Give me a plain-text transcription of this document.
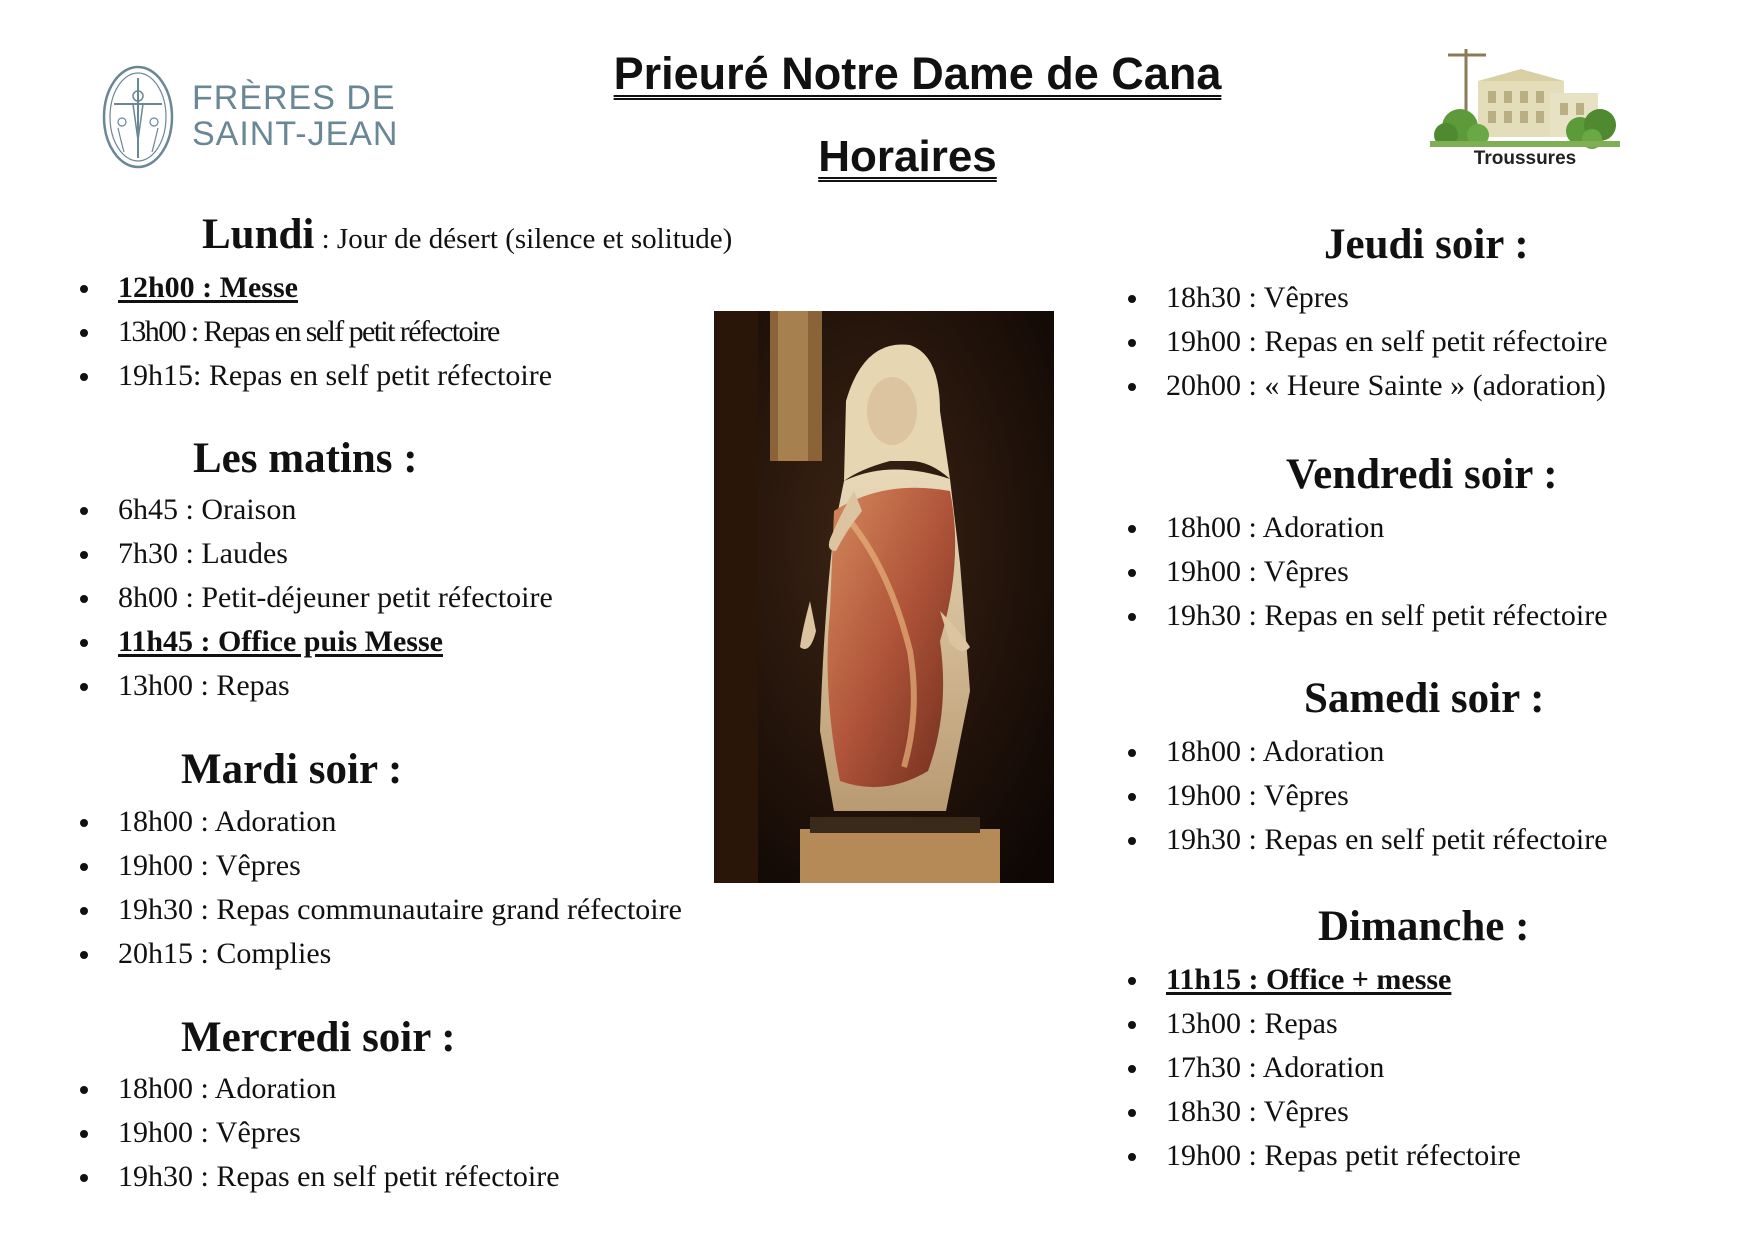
FRÈRES DE
SAINT-JEAN
Prieuré Notre Dame de Cana
Horaires	Troussures
Lundi : Jour de désert (silence et solitude)
12h00 : Messe
13h00 : Repas en self petit réfectoire
19h15: Repas en self petit réfectoire
Les matins :
6h45 : Oraison
7h30 : Laudes
8h00 : Petit-déjeuner petit réfectoire
11h45 : Office puis Messe
13h00 : Repas
Mardi soir :
18h00 : Adoration
19h00 : Vêpres
19h30 : Repas communautaire grand réfectoire
20h15 : Complies
Mercredi soir :
18h00 : Adoration
19h00 : Vêpres
19h30 : Repas en self petit réfectoire
Jeudi soir :
18h30 : Vêpres
19h00 : Repas en self petit réfectoire
20h00 : « Heure Sainte » (adoration)
Vendredi soir :
18h00 : Adoration
19h00 : Vêpres
19h30 : Repas en self petit réfectoire
Samedi soir :
18h00 : Adoration
19h00 : Vêpres
19h30 : Repas en self petit réfectoire
Dimanche :
11h15 : Office + messe
13h00 : Repas
17h30 : Adoration
18h30 : Vêpres
19h00 : Repas petit réfectoire
